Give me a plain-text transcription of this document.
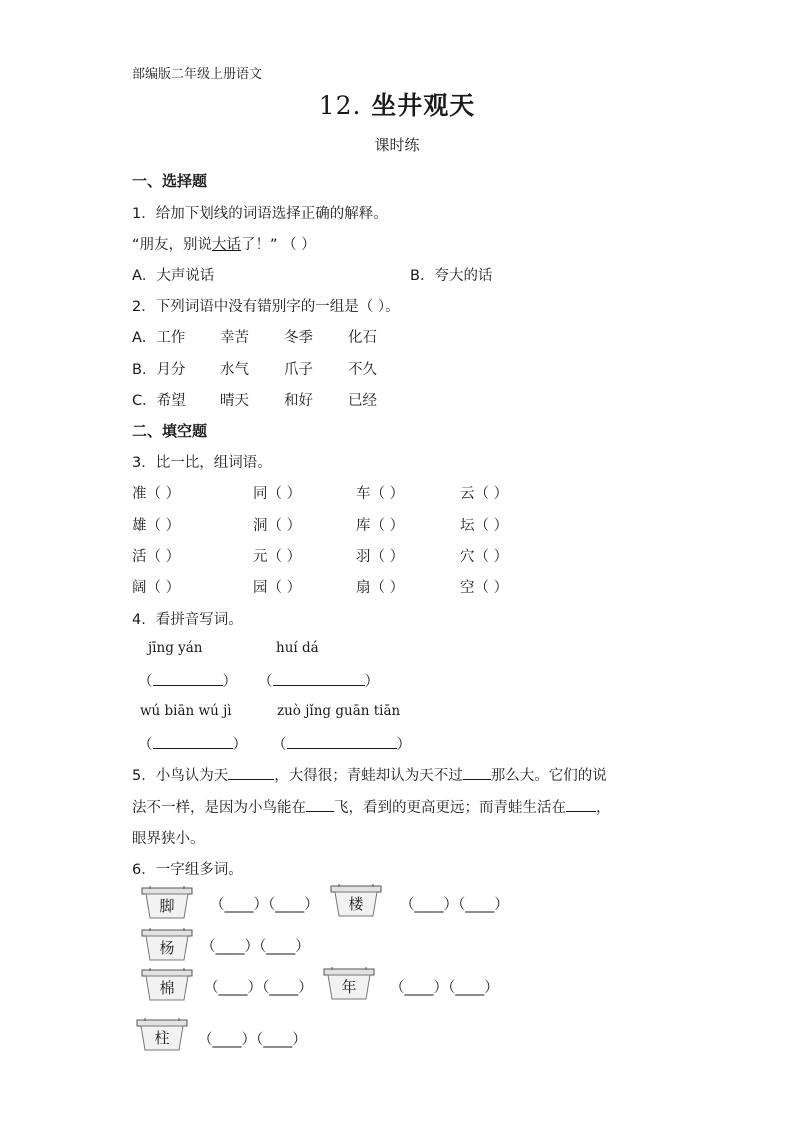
部编版二年级上册语文
12. 坐井观天
课时练
一、选择题
1．给加下划线的词语选择正确的解释。
“朋友，别说大话了！” （ ）
A．大声说话	B．夸大的话
2．下列词语中没有错别字的一组是（ ）。
A．工作 幸苦 冬季 化石
B．月分 水气 爪子 不久
C．希望 晴天 和好 已经
二、填空题
3．比一比，组词语。
准（ ）	同（ ）	车（ ）	云（ ）
雄（ ）	洞（ ）	库（ ）	坛（ ）
活（ ）	元（ ）	羽（ ）	穴（ ）
阔（ ）	园（ ）	扇（ ）	空（ ）
4．看拼音写词。
jīng yán	huí dá
（	） （	）
wú biān wú jì	zuò jǐng guān tiān
（	） （	）
5．小鸟认为天	，大得很；青蛙却认为天不过 那么大。它们的说
法不一样，是因为小鸟能在 飞，看到的更高更远；而青蛙生活在 ，
眼界狭小。
6．一字组多词。
脚	（____）（____）	楼	（____）（____）
杨	（____）（____）
棉	（____）（____）	年	（____）（____）
柱	（____）（____）
